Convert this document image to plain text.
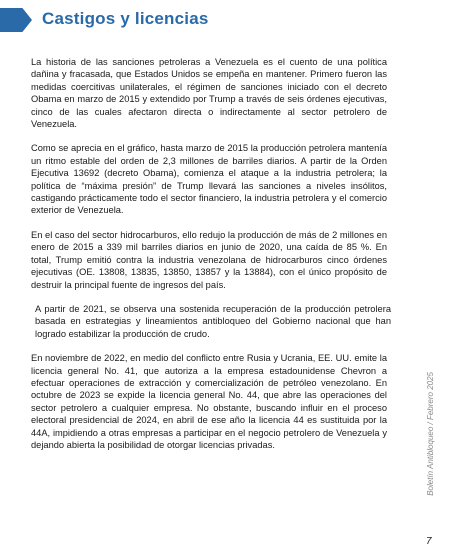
Castigos y licencias

La historia de las sanciones petroleras a Venezuela es el cuento de una política dañina y fracasada, que Estados Unidos se empeña en mantener. Primero fueron las medidas coercitivas unilaterales, el régimen de sanciones iniciado con el decreto Obama en marzo de 2015 y extendido por Trump a través de seis órdenes ejecutivas, cinco de las cuales afectaron directa o indirectamente al sector petrolero de Venezuela.

Como se aprecia en el gráfico, hasta marzo de 2015 la producción petrolera mantenía un ritmo estable del orden de 2,3 millones de barriles diarios. A partir de la Orden Ejecutiva 13692 (decreto Obama), comienza el ataque a la industria petrolera; la política de “máxima presión” de Trump llevará las sanciones a niveles insólitos, castigando prácticamente todo el sector financiero, la industria petrolera y el comercio exterior de Venezuela.

En el caso del sector hidrocarburos, ello redujo la producción de más de 2 millones en enero de 2015 a 339 mil barriles diarios en junio de 2020, una caída de 85 %. En total, Trump emitió contra la industria venezolana de hidrocarburos cinco órdenes ejecutivas (OE. 13808, 13835, 13850, 13857 y la 13884), con el único propósito de destruir la principal fuente de ingresos del país.

A partir de 2021, se observa una sostenida recuperación de la producción petrolera basada en estrategias y lineamientos antibloqueo del Gobierno nacional que han logrado estabilizar la producción de crudo.

En noviembre de 2022, en medio del conflicto entre Rusia y Ucrania, EE. UU. emite la licencia general No. 41, que autoriza a la empresa estadounidense Chevron a efectuar operaciones de extracción y comercialización de petróleo venezolano. En octubre de 2023 se expide la licencia general No. 44, que abre las operaciones del sector petrolero a cualquier empresa. No obstante, buscando influir en el proceso electoral presidencial de 2024, en abril de ese año la licencia 44 es sustituida por la 44A, impidiendo a otras empresas a participar en el negocio petrolero de Venezuela y dejando abierta la posibilidad de otorgar licencias privadas.	Boletín Antibloqueo / Febrero 2025
7
